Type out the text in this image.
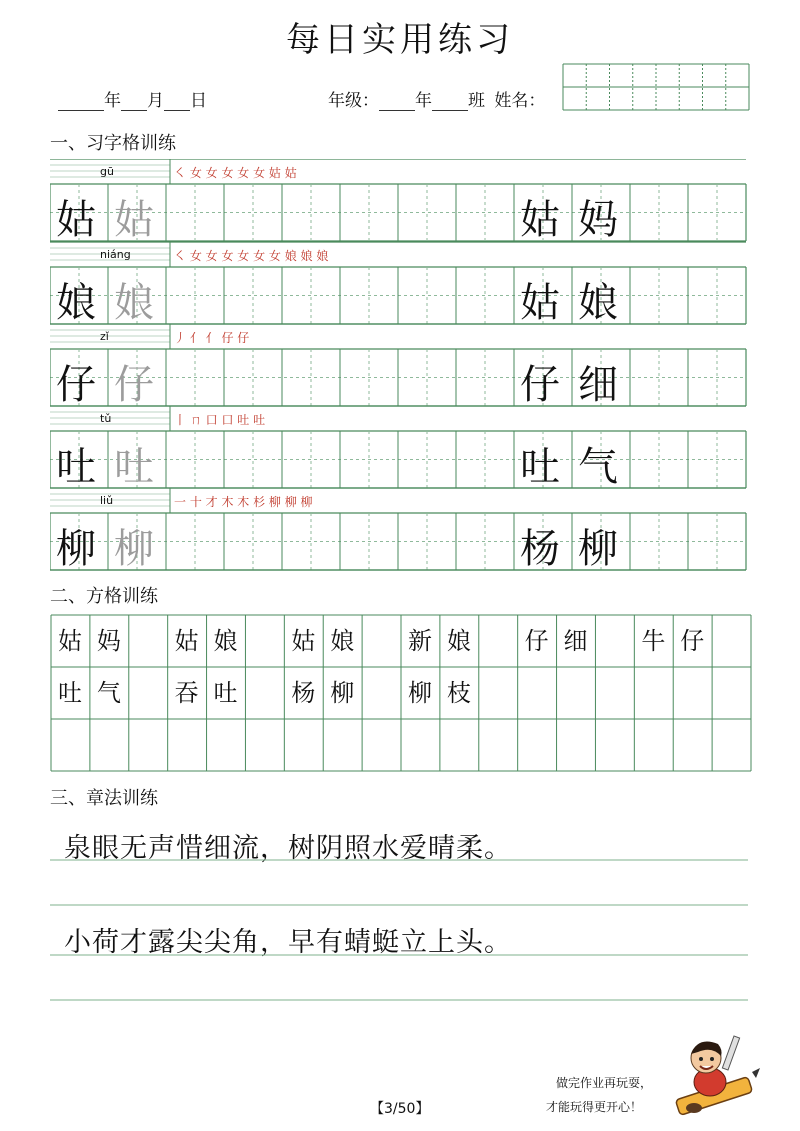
每日实用练习
年 月 日	年级： 年 班 姓名：
一、习字格训练
gū	㇛ 女 女 女 女 女 姑 姑
姑 姑	姑 妈
niáng	㇛ 女 女 女 女 女 女 娘 娘 娘
娘 娘	姑 娘
zǐ	丿 亻 亻 仔 仔
仔 仔	仔 细
tǔ	丨 ㄇ 口 口 吐 吐
吐 吐	吐 气
liǔ	一 十 才 木 木 杉 柳 柳 柳
柳 柳	杨 柳
二、方格训练
姑 妈 姑 娘 姑 娘 新 娘 仔 细 牛 仔
吐 气 吞 吐 杨 柳 柳 枝
三、章法训练
泉眼无声惜细流，树阴照水爱晴柔。
小荷才露尖尖角，早有蜻蜓立上头。
【3/50】
做完作业再玩耍，
才能玩得更开心！
